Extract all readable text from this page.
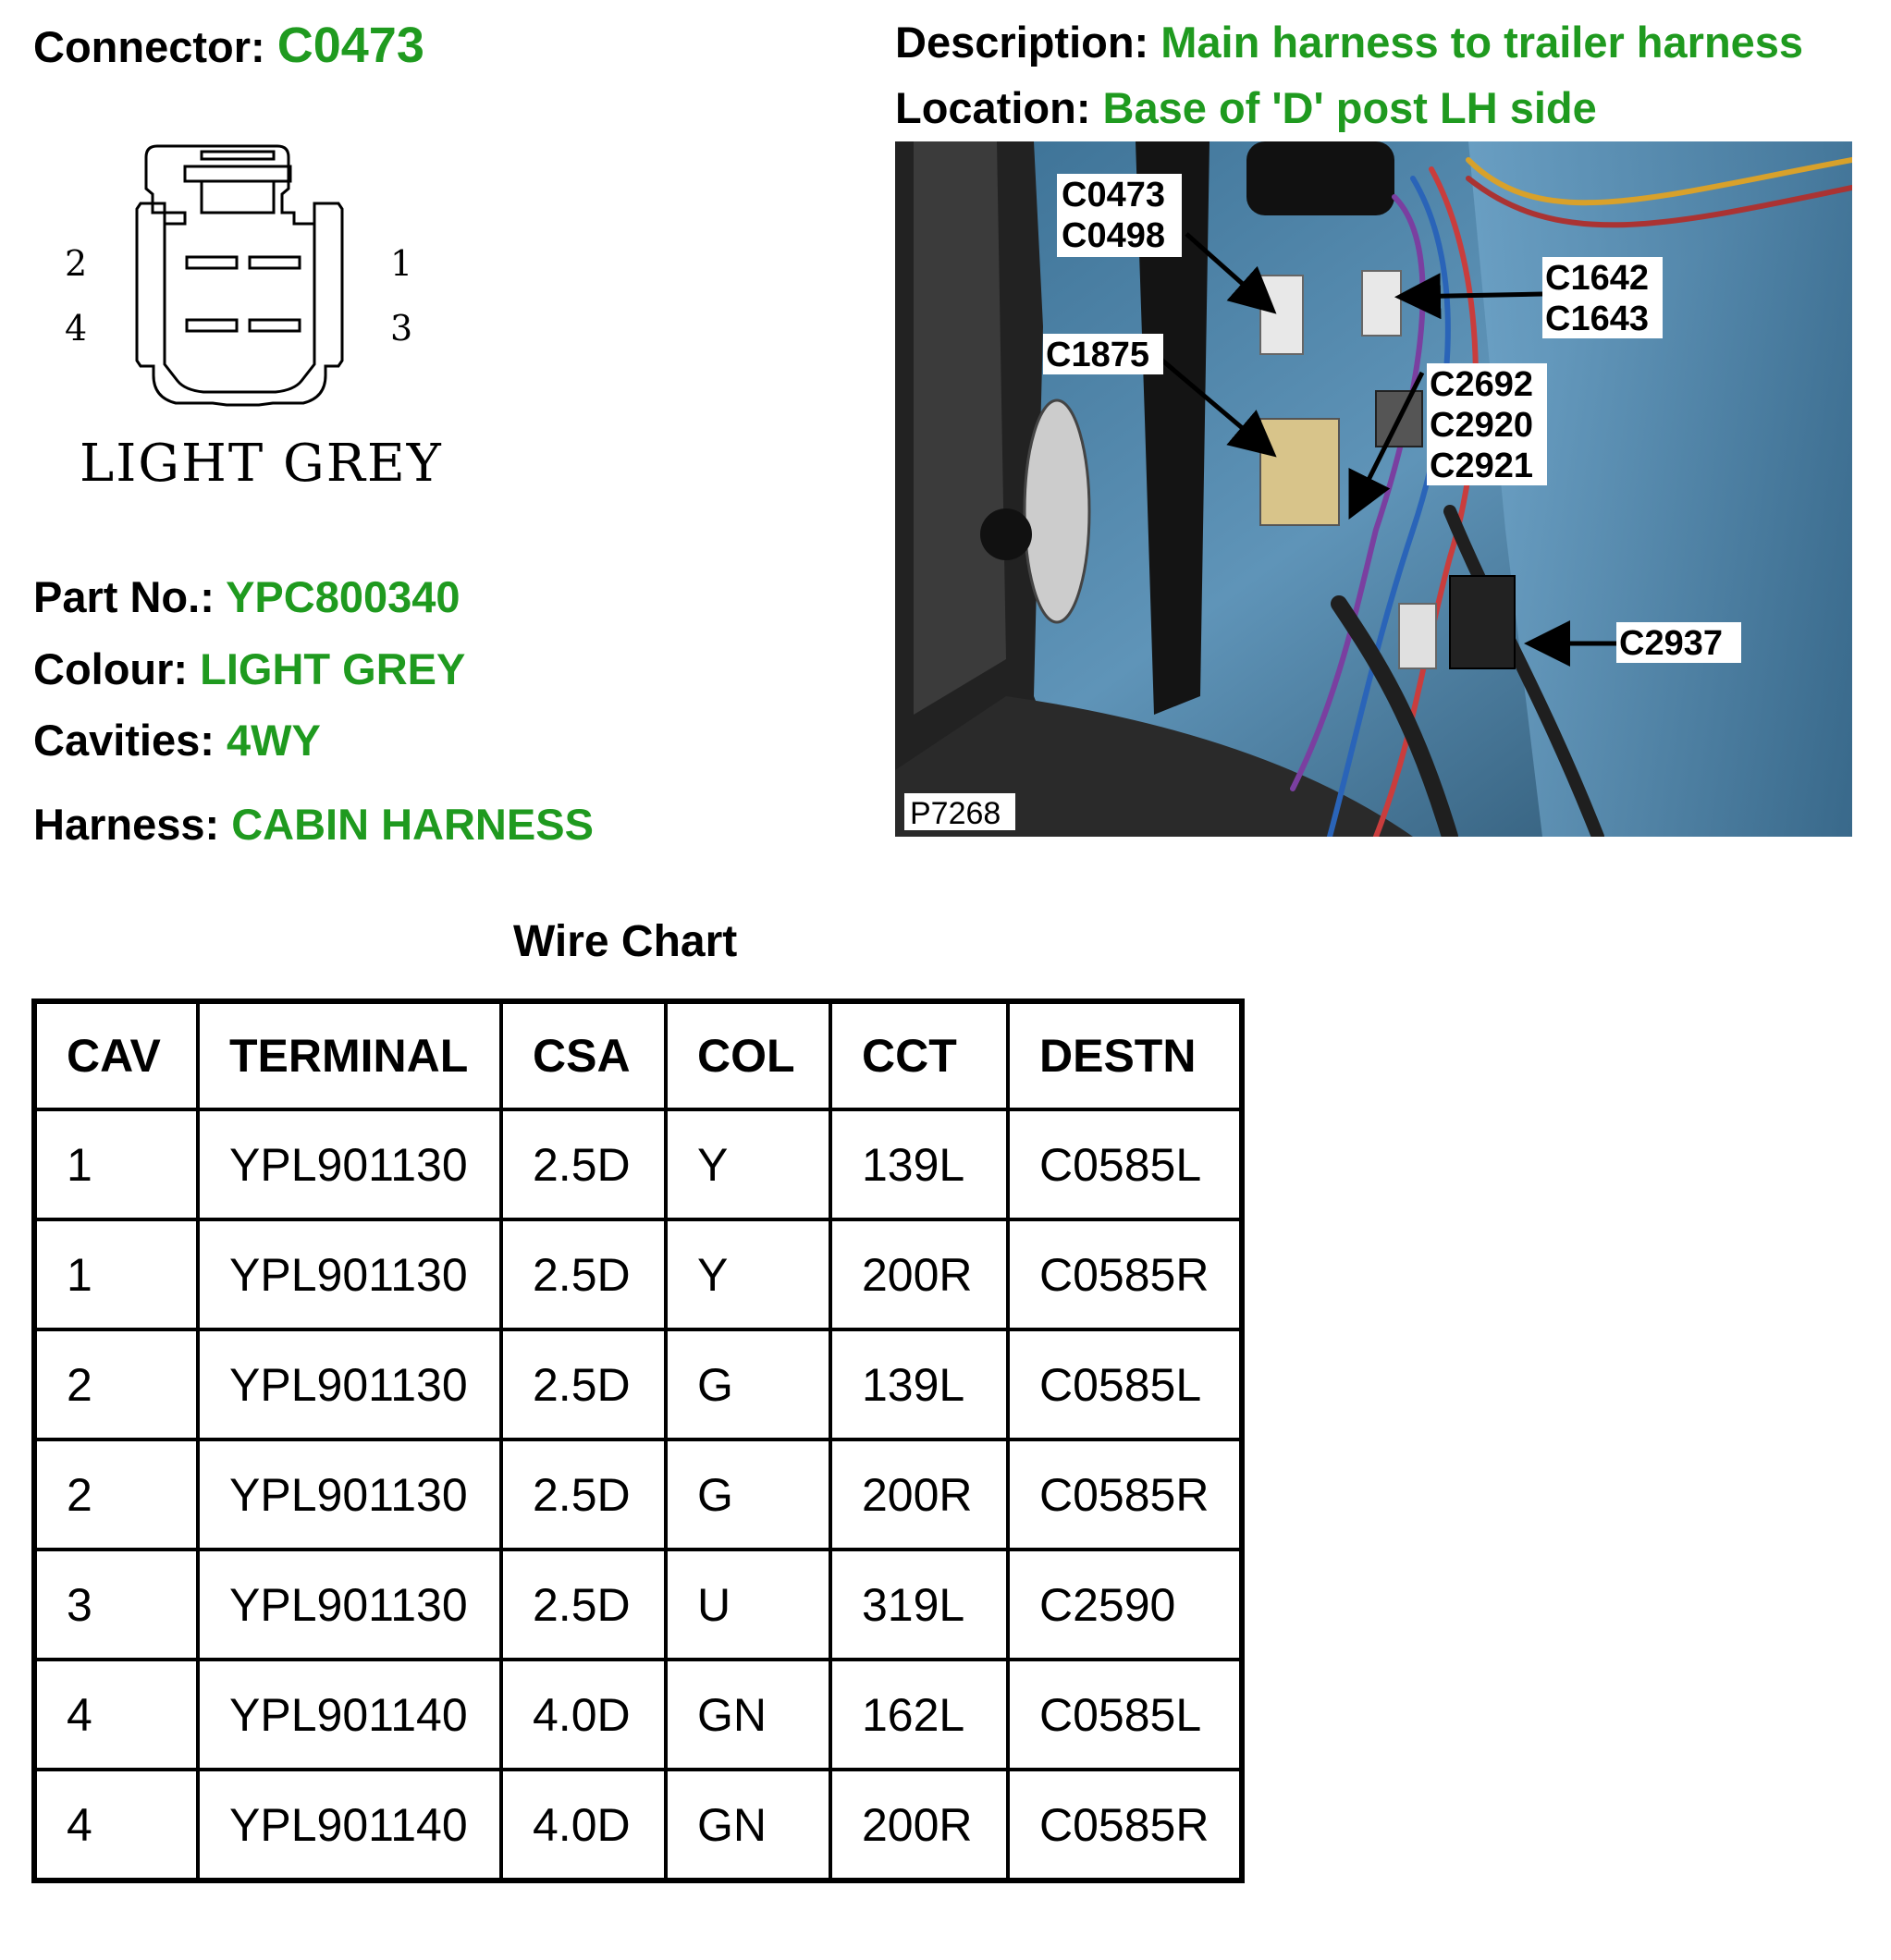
Connector: C0473	Description: Main harness to trailer harness
Location: Base of 'D' post LH side
2	1
4	3
LIGHT GREY
Part No.: YPC800340
Colour: LIGHT GREY
Cavities: 4WY
Harness: CABIN HARNESS
C0473
C0498
C1642
C1643
C1875
C2692
C2920
C2921
C2937
P7268
Wire Chart
CAV	TERMINAL	CSA	COL	CCT	DESTN
1	YPL901130	2.5D	Y	139L	C0585L
1	YPL901130	2.5D	Y	200R	C0585R
2	YPL901130	2.5D	G	139L	C0585L
2	YPL901130	2.5D	G	200R	C0585R
3	YPL901130	2.5D	U	319L	C2590
4	YPL901140	4.0D	GN	162L	C0585L
4	YPL901140	4.0D	GN	200R	C0585R
